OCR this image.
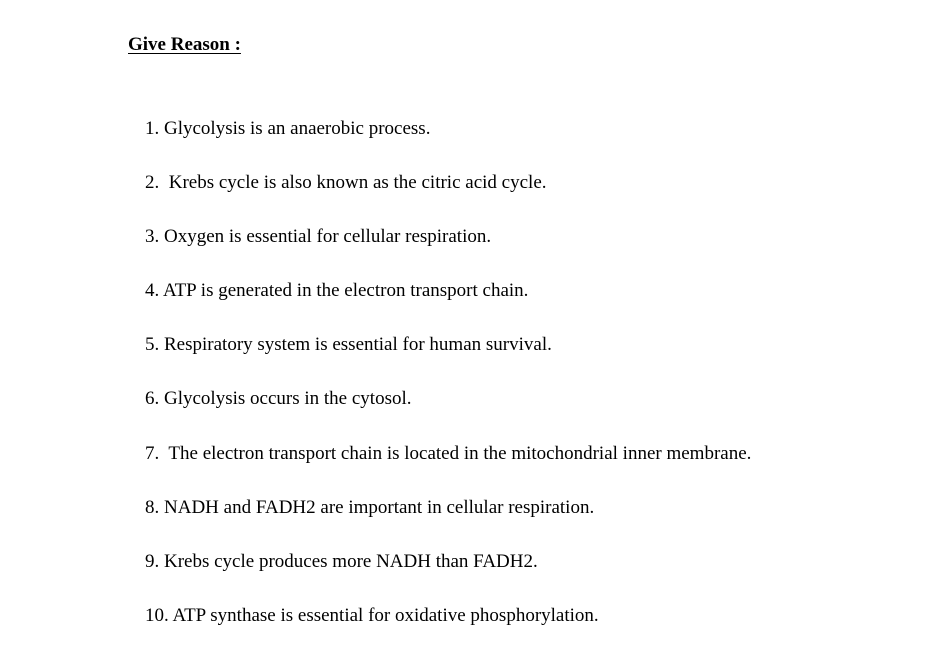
Give Reason :
1. Glycolysis is an anaerobic process.
2.  Krebs cycle is also known as the citric acid cycle.
3. Oxygen is essential for cellular respiration.
4. ATP is generated in the electron transport chain.
5. Respiratory system is essential for human survival.
6. Glycolysis occurs in the cytosol.
7.  The electron transport chain is located in the mitochondrial inner membrane.
8. NADH and FADH2 are important in cellular respiration.
9. Krebs cycle produces more NADH than FADH2.
10. ATP synthase is essential for oxidative phosphorylation.
